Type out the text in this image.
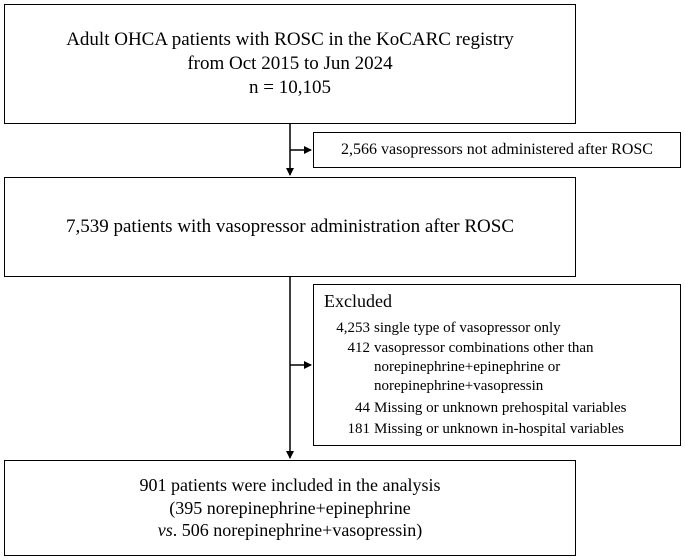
Adult OHCA patients with ROSC in the KoCARC registry
from Oct 2015 to Jun 2024
n = 10,105
2,566 vasopressors not administered after ROSC
7,539 patients with vasopressor administration after ROSC
Excluded
4,253 single type of vasopressor only
412 vasopressor combinations other than
norepinephrine+epinephrine or
norepinephrine+vasopressin
44 Missing or unknown prehospital variables
181 Missing or unknown in-hospital variables
901 patients were included in the analysis
(395 norepinephrine+epinephrine
vs. 506 norepinephrine+vasopressin)
